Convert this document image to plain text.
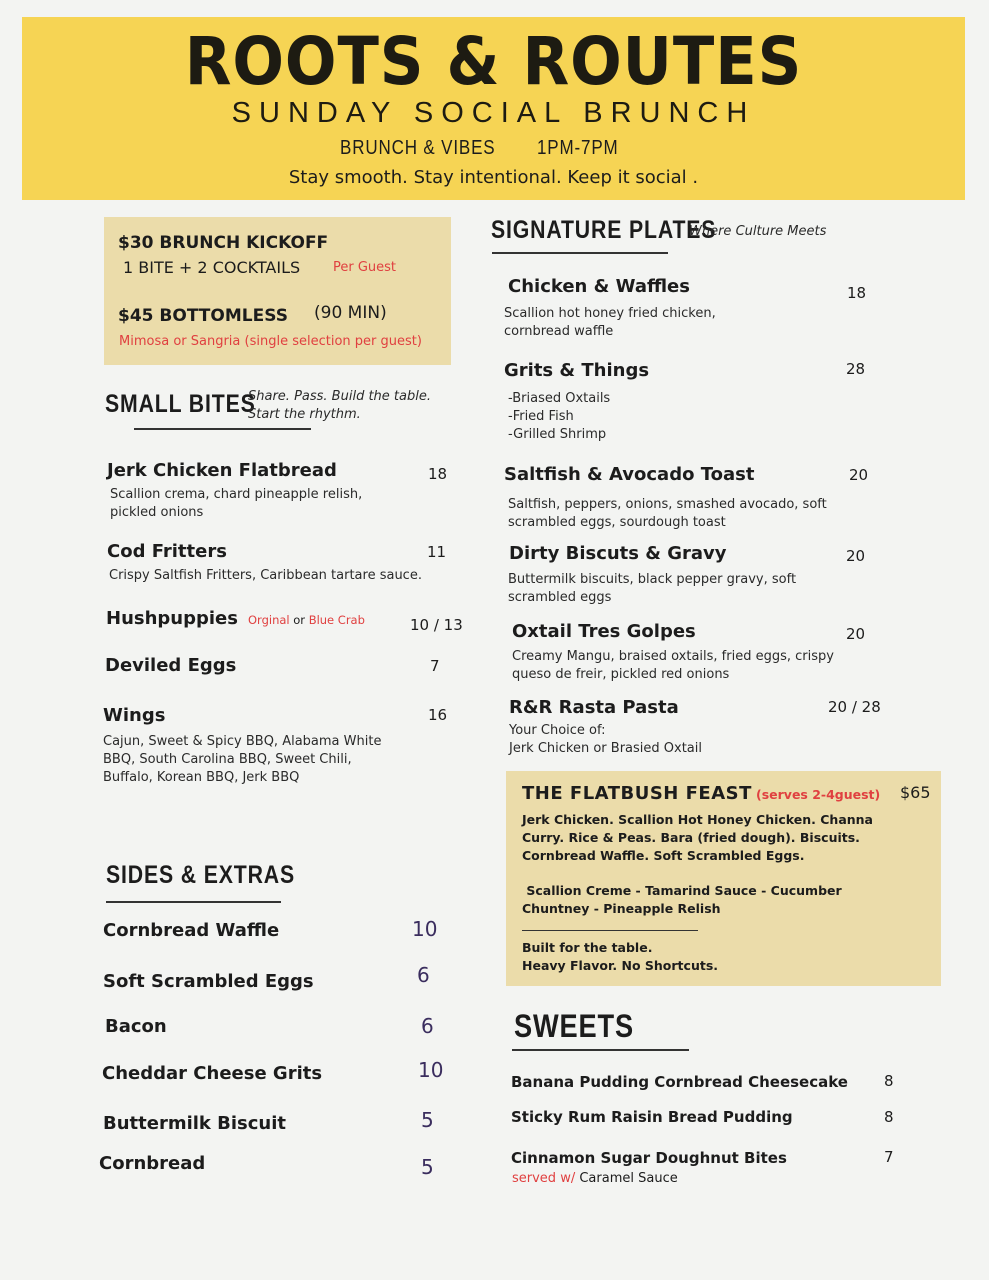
ROOTS & ROUTES
SUNDAY SOCIAL BRUNCH
BRUNCH & VIBES 1PM-7PM
Stay smooth. Stay intentional. Keep it social .
$30 BRUNCH KICKOFF
1 BITE + 2 COCKTAILS	Per Guest
$45 BOTTOMLESS (90 MIN)
Mimosa or Sangria (single selection per guest)
SMALL BITES
Share. Pass. Build the table.
Start the rhythm.
Jerk Chicken Flatbread	18
Scallion crema, chard pineapple relish,
pickled onions
Cod Fritters	11
Crispy Saltfish Fritters, Caribbean tartare sauce.
Hushpuppies Orginal or Blue Crab	10 / 13
Deviled Eggs	7
Wings	16
Cajun, Sweet & Spicy BBQ, Alabama White
BBQ, South Carolina BBQ, Sweet Chili,
Buffalo, Korean BBQ, Jerk BBQ
SIDES & EXTRAS
Cornbread Waffle	10
Soft Scrambled Eggs	6
Bacon	6
Cheddar Cheese Grits	10
Buttermilk Biscuit	5
Cornbread	5
SIGNATURE PLATES
Where Culture Meets
Chicken & Waffles	18
Scallion hot honey fried chicken,
cornbread waffle
Grits & Things	28
-Briased Oxtails
-Fried Fish
-Grilled Shrimp
Saltfish & Avocado Toast	20
Saltfish, peppers, onions, smashed avocado, soft
scrambled eggs, sourdough toast
Dirty Biscuts & Gravy	20
Buttermilk biscuits, black pepper gravy, soft
scrambled eggs
Oxtail Tres Golpes	20
Creamy Mangu, braised oxtails, fried eggs, crispy
queso de freir, pickled red onions
R&R Rasta Pasta	20 / 28
Your Choice of:
Jerk Chicken or Brasied Oxtail
THE FLATBUSH FEAST (serves 2-4guest) $65
Jerk Chicken. Scallion Hot Honey Chicken. Channa
Curry. Rice & Peas. Bara (fried dough). Biscuits.
Cornbread Waffle. Soft Scrambled Eggs.
Scallion Creme - Tamarind Sauce - Cucumber
Chuntney - Pineapple Relish
Built for the table.
Heavy Flavor. No Shortcuts.
SWEETS
Banana Pudding Cornbread Cheesecake 8
Sticky Rum Raisin Bread Pudding	8
Cinnamon Sugar Doughnut Bites	7
served w/ Caramel Sauce
